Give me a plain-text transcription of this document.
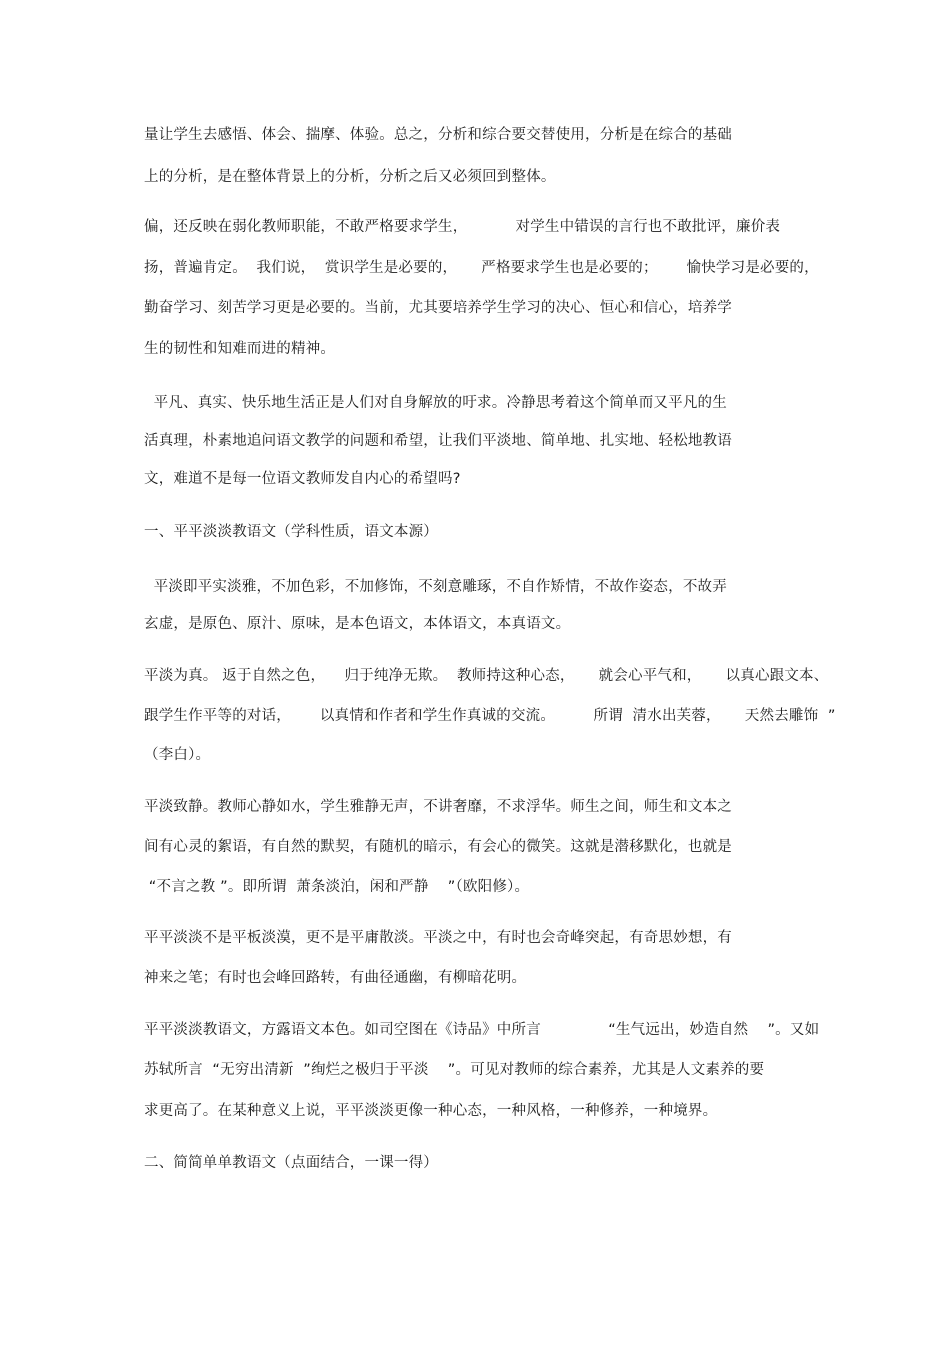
量让学生去感悟、体会、揣摩、体验。总之，分析和综合要交替使用，分析是在综合的基础
上的分析，是在整体背景上的分析，分析之后又必须回到整体。
偏，还反映在弱化教师职能，不敢严格要求学生，          对学生中错误的言行也不敢批评，廉价表
扬，普遍肯定。  我们说，  赏识学生是必要的，     严格要求学生也是必要的；      愉快学习是必要的，
勤奋学习、刻苦学习更是必要的。当前，尤其要培养学生学习的决心、恒心和信心，培养学
生的韧性和知难而进的精神。
平凡、真实、快乐地生活正是人们对自身解放的吁求。冷静思考着这个简单而又平凡的生
活真理，朴素地追问语文教学的问题和希望，让我们平淡地、简单地、扎实地、轻松地教语
文，难道不是每一位语文教师发自内心的希望吗?
一、平平淡淡教语文（学科性质，语文本源）
平淡即平实淡雅，不加色彩，不加修饰，不刻意雕琢，不自作矫情，不故作姿态，不故弄
玄虚，是原色、原汁、原味，是本色语文，本体语文，本真语文。
平淡为真。 返于自然之色，    归于纯净无欺。  教师持这种心态，     就会心平气和，     以真心跟文本、
跟学生作平等的对话，      以真情和作者和学生作真诚的交流。        所谓  清水出芙蓉，     天然去雕饰  ”
（李白）。
平淡致静。教师心静如水，学生雅静无声，不讲奢靡，不求浮华。师生之间，师生和文本之
间有心灵的絮语，有自然的默契，有随机的暗示，有会心的微笑。这就是潜移默化，也就是
“不言之教 ”。即所谓  萧条淡泊，闲和严静    ”（欧阳修）。
平平淡淡不是平板淡漠，更不是平庸散淡。平淡之中，有时也会奇峰突起，有奇思妙想，有
神来之笔；有时也会峰回路转，有曲径通幽，有柳暗花明。
平平淡淡教语文，方露语文本色。如司空图在《诗品》中所言              “生气远出，妙造自然    ”。又如
苏轼所言  “无穷出清新  ”绚烂之极归于平淡    ”。可见对教师的综合素养，尤其是人文素养的要
求更高了。在某种意义上说，平平淡淡更像一种心态，一种风格，一种修养，一种境界。
二、简简单单教语文（点面结合，一课一得）
